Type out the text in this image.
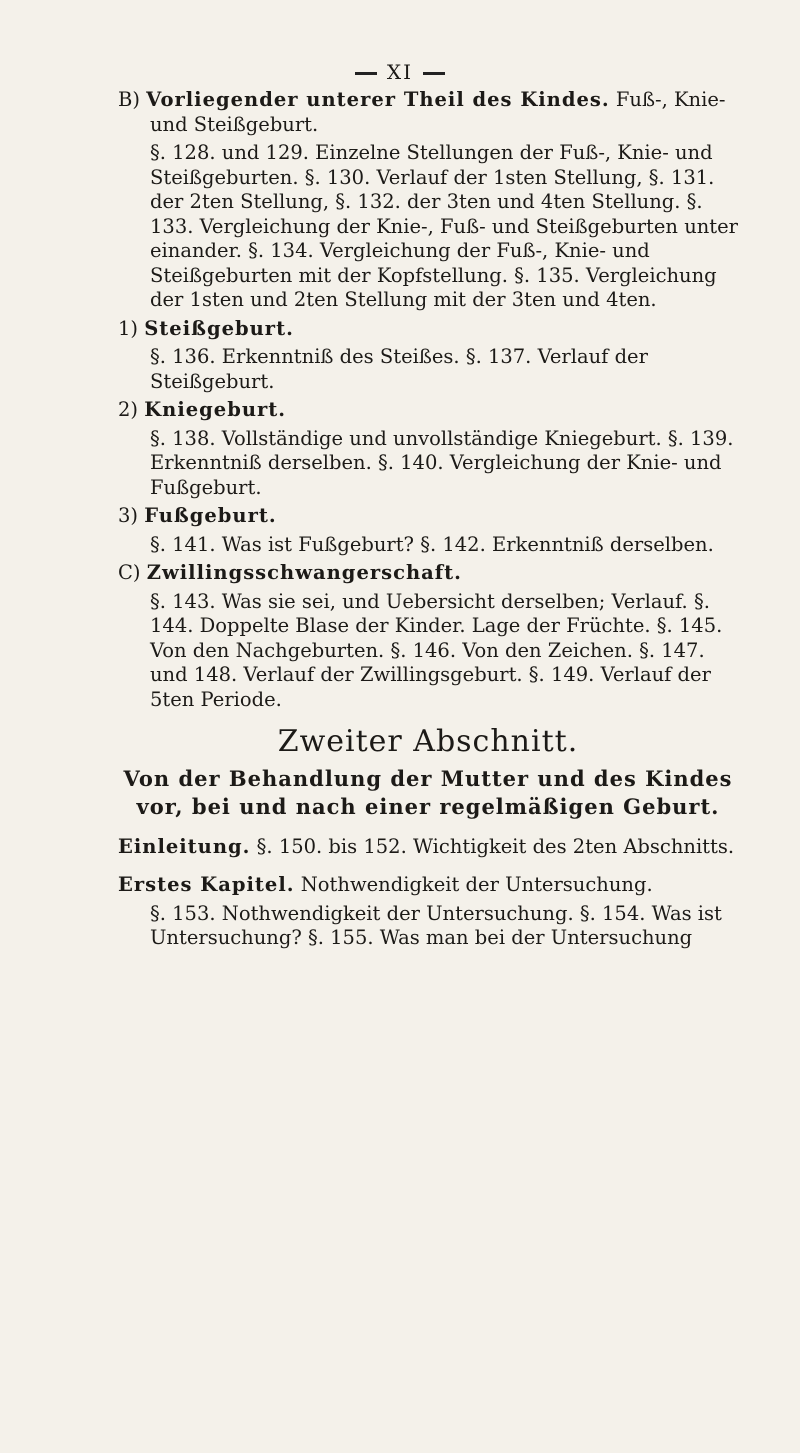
XI
B) Vorliegender unterer Theil des Kindes. Fuß-, Knie- und Steißgeburt.
§. 128. und 129. Einzelne Stellungen der Fuß-, Knie- und Steißgeburten. §. 130. Verlauf der 1sten Stellung, §. 131. der 2ten Stellung, §. 132. der 3ten und 4ten Stellung. §. 133. Vergleichung der Knie-, Fuß- und Steißgeburten unter einander. §. 134. Vergleichung der Fuß-, Knie- und Steißgeburten mit der Kopfstellung. §. 135. Vergleichung der 1sten und 2ten Stellung mit der 3ten und 4ten.
1) Steißgeburt.
§. 136. Erkenntniß des Steißes. §. 137. Verlauf der Steißgeburt.
2) Kniegeburt.
§. 138. Vollständige und unvollständige Kniegeburt. §. 139. Erkenntniß derselben. §. 140. Vergleichung der Knie- und Fußgeburt.
3) Fußgeburt.
§. 141. Was ist Fußgeburt? §. 142. Erkenntniß derselben.
C) Zwillingsschwangerschaft.
§. 143. Was sie sei, und Uebersicht derselben; Verlauf. §. 144. Doppelte Blase der Kinder. Lage der Früchte. §. 145. Von den Nachgeburten. §. 146. Von den Zeichen. §. 147. und 148. Verlauf der Zwillingsgeburt. §. 149. Verlauf der 5ten Periode.
Zweiter Abschnitt.
Von der Behandlung der Mutter und des Kindes vor, bei und nach einer regelmäßigen Geburt.
Einleitung. §. 150. bis 152. Wichtigkeit des 2ten Abschnitts.
Erstes Kapitel. Nothwendigkeit der Untersuchung.
§. 153. Nothwendigkeit der Untersuchung. §. 154. Was ist Untersuchung? §. 155. Was man bei der Untersuchung
